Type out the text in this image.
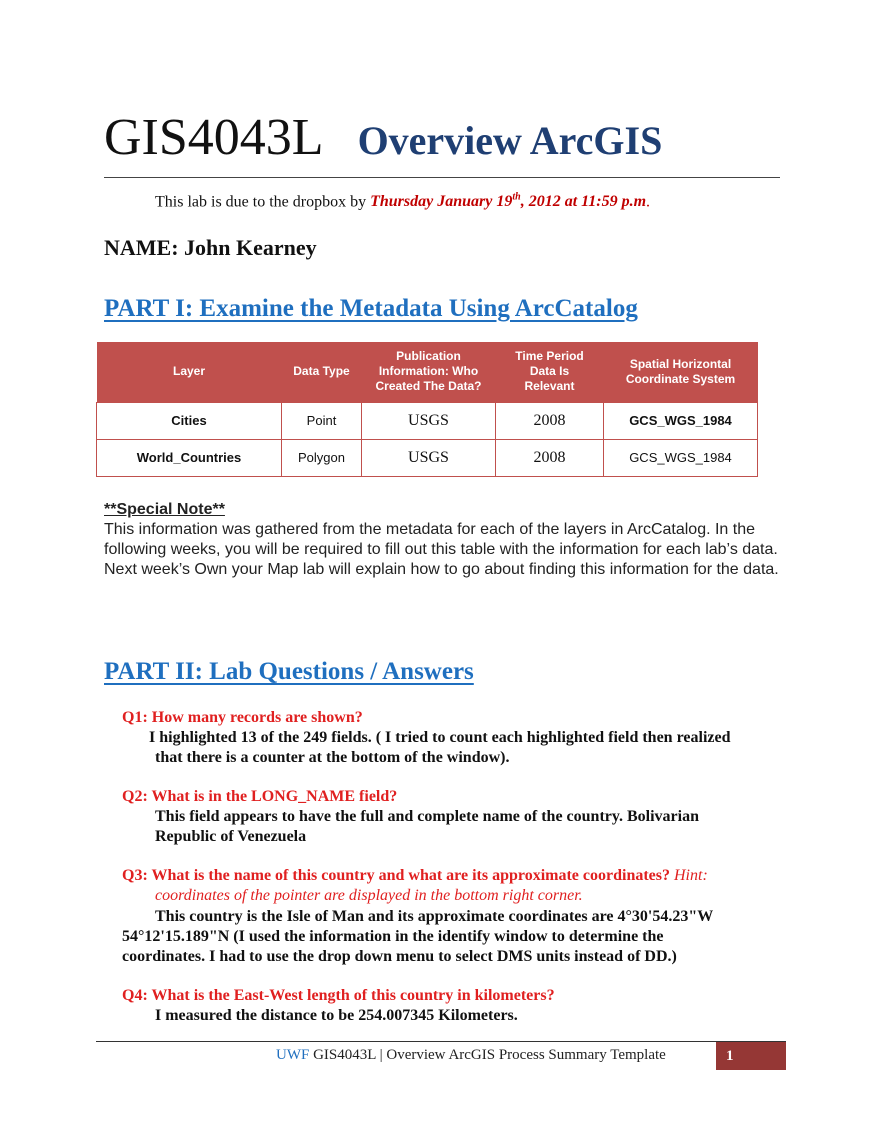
GIS4043L Overview ArcGIS
This lab is due to the dropbox by Thursday January 19th, 2012 at 11:59 p.m.
NAME: John Kearney
PART I: Examine the Metadata Using ArcCatalog
Layer	Data Type	Publication Information: Who Created The Data?	Time Period Data Is Relevant	Spatial Horizontal Coordinate System
Cities	Point	USGS	2008	GCS_WGS_1984
World_Countries	Polygon	USGS	2008	GCS_WGS_1984
**Special Note**
This information was gathered from the metadata for each of the layers in ArcCatalog. In the following weeks, you will be required to fill out this table with the information for each lab’s data. Next week’s Own your Map lab will explain how to go about finding this information for the data.
PART II: Lab Questions / Answers
Q1: How many records are shown?
I highlighted 13 of the 249 fields. ( I tried to count each highlighted field then realized
that there is a counter at the bottom of the window).
Q2: What is in the LONG_NAME field?
This field appears to have the full and complete name of the country. Bolivarian
Republic of Venezuela
Q3: What is the name of this country and what are its approximate coordinates? Hint:
coordinates of the pointer are displayed in the bottom right corner.
This country is the Isle of Man and its approximate coordinates are 4°30'54.23"W
54°12'15.189"N (I used the information in the identify window to determine the
coordinates. I had to use the drop down menu to select DMS units instead of DD.)
Q4: What is the East-West length of this country in kilometers?
I measured the distance to be 254.007345 Kilometers.
UWF GIS4043L | Overview ArcGIS Process Summary Template	1
